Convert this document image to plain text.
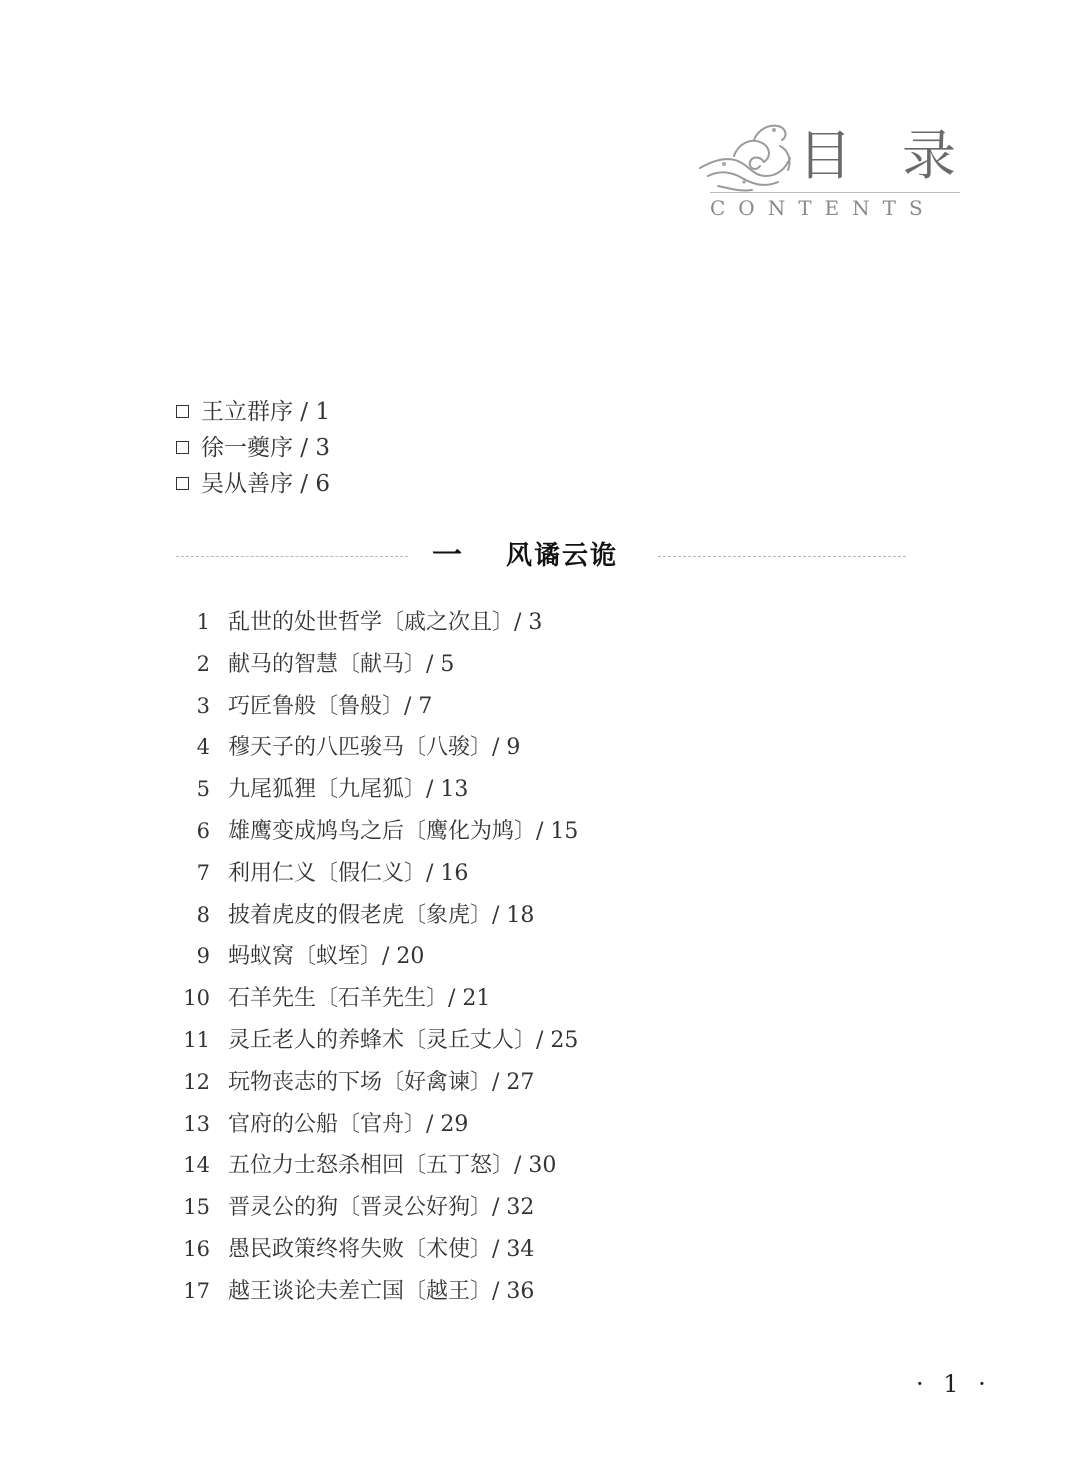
目 录
CONTENTS
王立群序 / 1
徐一夔序 / 3
吴从善序 / 6
一 风谲云诡
1 乱世的处世哲学〔戚之次且〕/ 3
2 献马的智慧〔献马〕/ 5
3 巧匠鲁般〔鲁般〕/ 7
4 穆天子的八匹骏马〔八骏〕/ 9
5 九尾狐狸〔九尾狐〕/ 13
6 雄鹰变成鸠鸟之后〔鹰化为鸠〕/ 15
7 利用仁义〔假仁义〕/ 16
8 披着虎皮的假老虎〔象虎〕/ 18
9 蚂蚁窝〔蚁垤〕/ 20
10 石羊先生〔石羊先生〕/ 21
11 灵丘老人的养蜂术〔灵丘丈人〕/ 25
12 玩物丧志的下场〔好禽谏〕/ 27
13 官府的公船〔官舟〕/ 29
14 五位力士怒杀相回〔五丁怒〕/ 30
15 晋灵公的狗〔晋灵公好狗〕/ 32
16 愚民政策终将失败〔术使〕/ 34
17 越王谈论夫差亡国〔越王〕/ 36
· 1 ·
